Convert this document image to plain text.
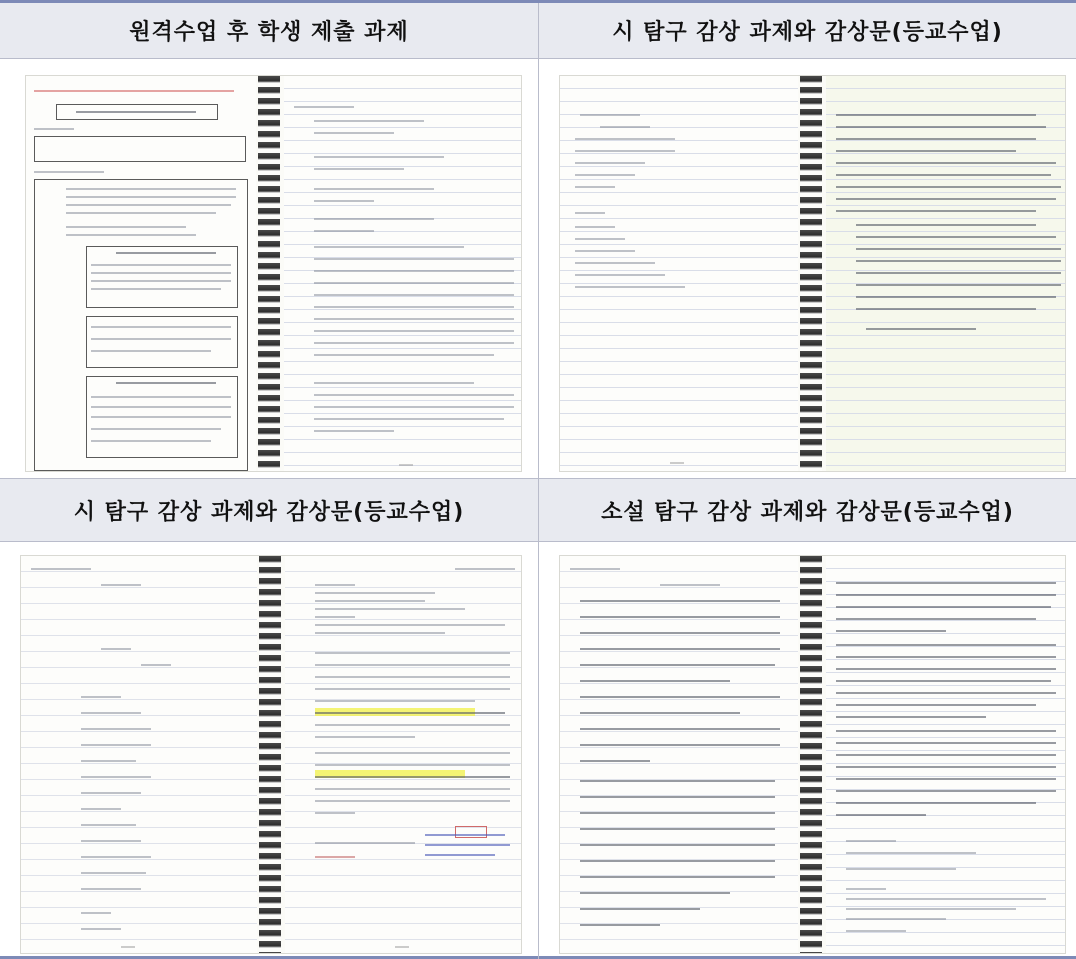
원격수업 후 학생 제출 과제	시 탐구 감상 과제와 감상문(등교수업)
시 탐구 감상 과제와 감상문(등교수업)	소설 탐구 감상 과제와 감상문(등교수업)
